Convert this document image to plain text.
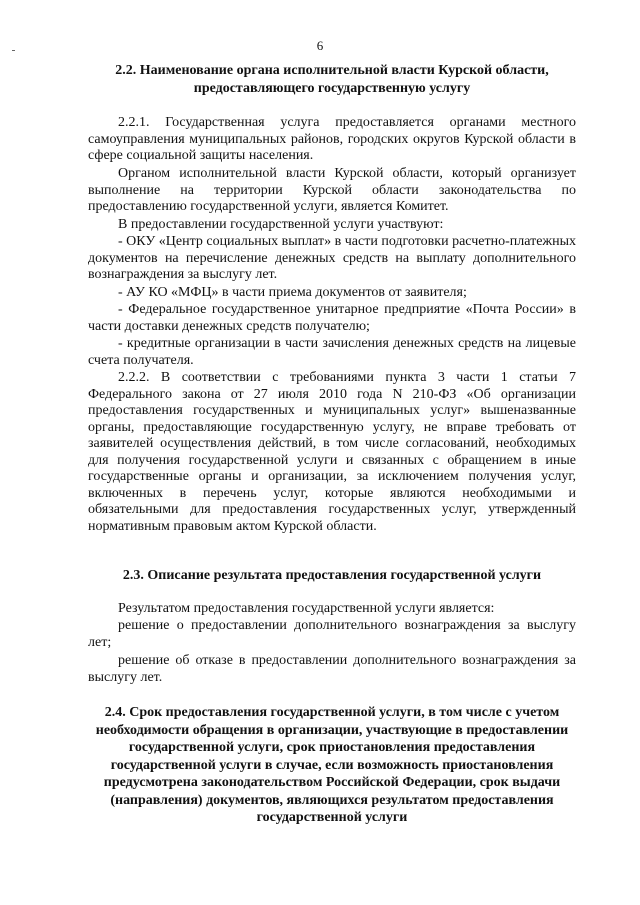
6

2.2. Наименование органа исполнительной власти Курской области, предоставляющего государственную услугу

2.2.1. Государственная услуга предоставляется органами местного самоуправления муниципальных районов, городских округов Курской области в сфере социальной защиты населения.

Органом исполнительной власти Курской области, который организует выполнение на территории Курской области законодательства по предоставлению государственной услуги, является Комитет.

В предоставлении государственной услуги участвуют:

- ОКУ «Центр социальных выплат» в части подготовки расчетно-платежных документов на перечисление денежных средств на выплату дополнительного вознаграждения за выслугу лет.

- АУ КО «МФЦ» в части приема документов от заявителя;

- Федеральное государственное унитарное предприятие «Почта России» в части доставки денежных средств получателю;

- кредитные организации в части зачисления денежных средств на лицевые счета получателя.

2.2.2. В соответствии с требованиями пункта 3 части 1 статьи 7 Федерального закона от 27 июля 2010 года N 210-ФЗ «Об организации предоставления государственных и муниципальных услуг» вышеназванные органы, предоставляющие государственную услугу, не вправе требовать от заявителей осуществления действий, в том числе согласований, необходимых для получения государственной услуги и связанных с обращением в иные государственные органы и организации, за исключением получения услуг, включенных в перечень услуг, которые являются необходимыми и обязательными для предоставления государственных услуг, утвержденный нормативным правовым актом Курской области.

2.3. Описание результата предоставления государственной услуги

Результатом предоставления государственной услуги является:

решение о предоставлении дополнительного вознаграждения за выслугу лет;

решение об отказе в предоставлении дополнительного вознаграждения за выслугу лет.

2.4. Срок предоставления государственной услуги, в том числе с учетом необходимости обращения в организации, участвующие в предоставлении государственной услуги, срок приостановления предоставления государственной услуги в случае, если возможность приостановления предусмотрена законодательством Российской Федерации, срок выдачи (направления) документов, являющихся результатом предоставления государственной услуги
